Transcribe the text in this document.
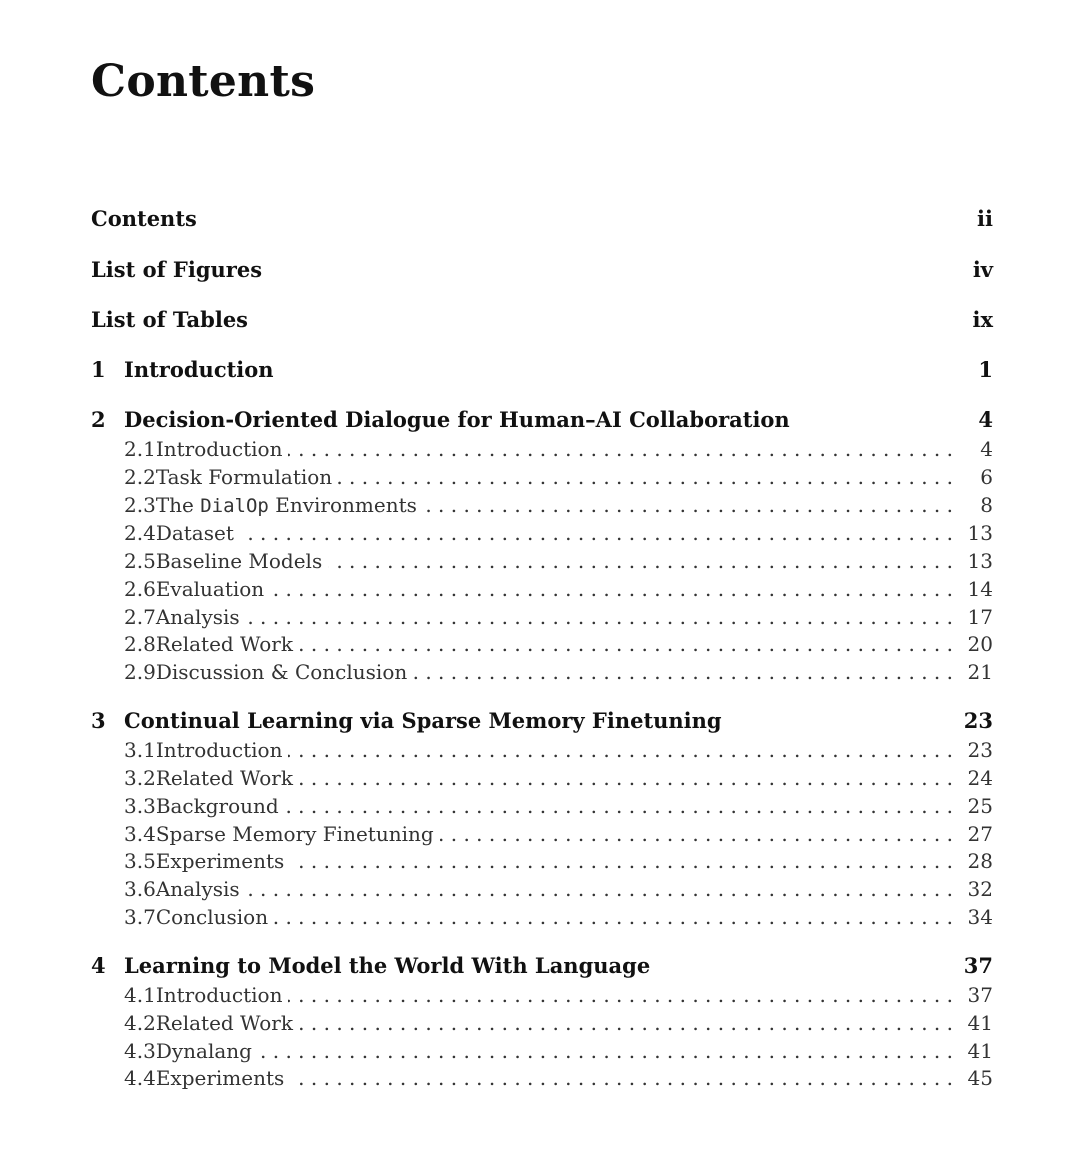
Contents
Contents	ii
List of Figures	iv
List of Tables	ix
1 Introduction	1
2 Decision-Oriented Dialogue for Human–AI Collaboration	4
2.1 Introduction . . .	4
2.2 Task Formulation . . .	6
2.3 The DialOp Environments . . .	8
2.4 Dataset . . .	13
2.5 Baseline Models . . .	13
2.6 Evaluation . . .	14
2.7 Analysis . . .	17
2.8 Related Work . . .	20
2.9 Discussion & Conclusion . . .	21
3 Continual Learning via Sparse Memory Finetuning	23
3.1 Introduction . . .	23
3.2 Related Work . . .	24
3.3 Background . . .	25
3.4 Sparse Memory Finetuning . . .	27
3.5 Experiments . . .	28
3.6 Analysis . . .	32
3.7 Conclusion . . .	34
4 Learning to Model the World With Language	37
4.1 Introduction . . .	37
4.2 Related Work . . .	41
4.3 Dynalang . . .	41
4.4 Experiments . . .	45
